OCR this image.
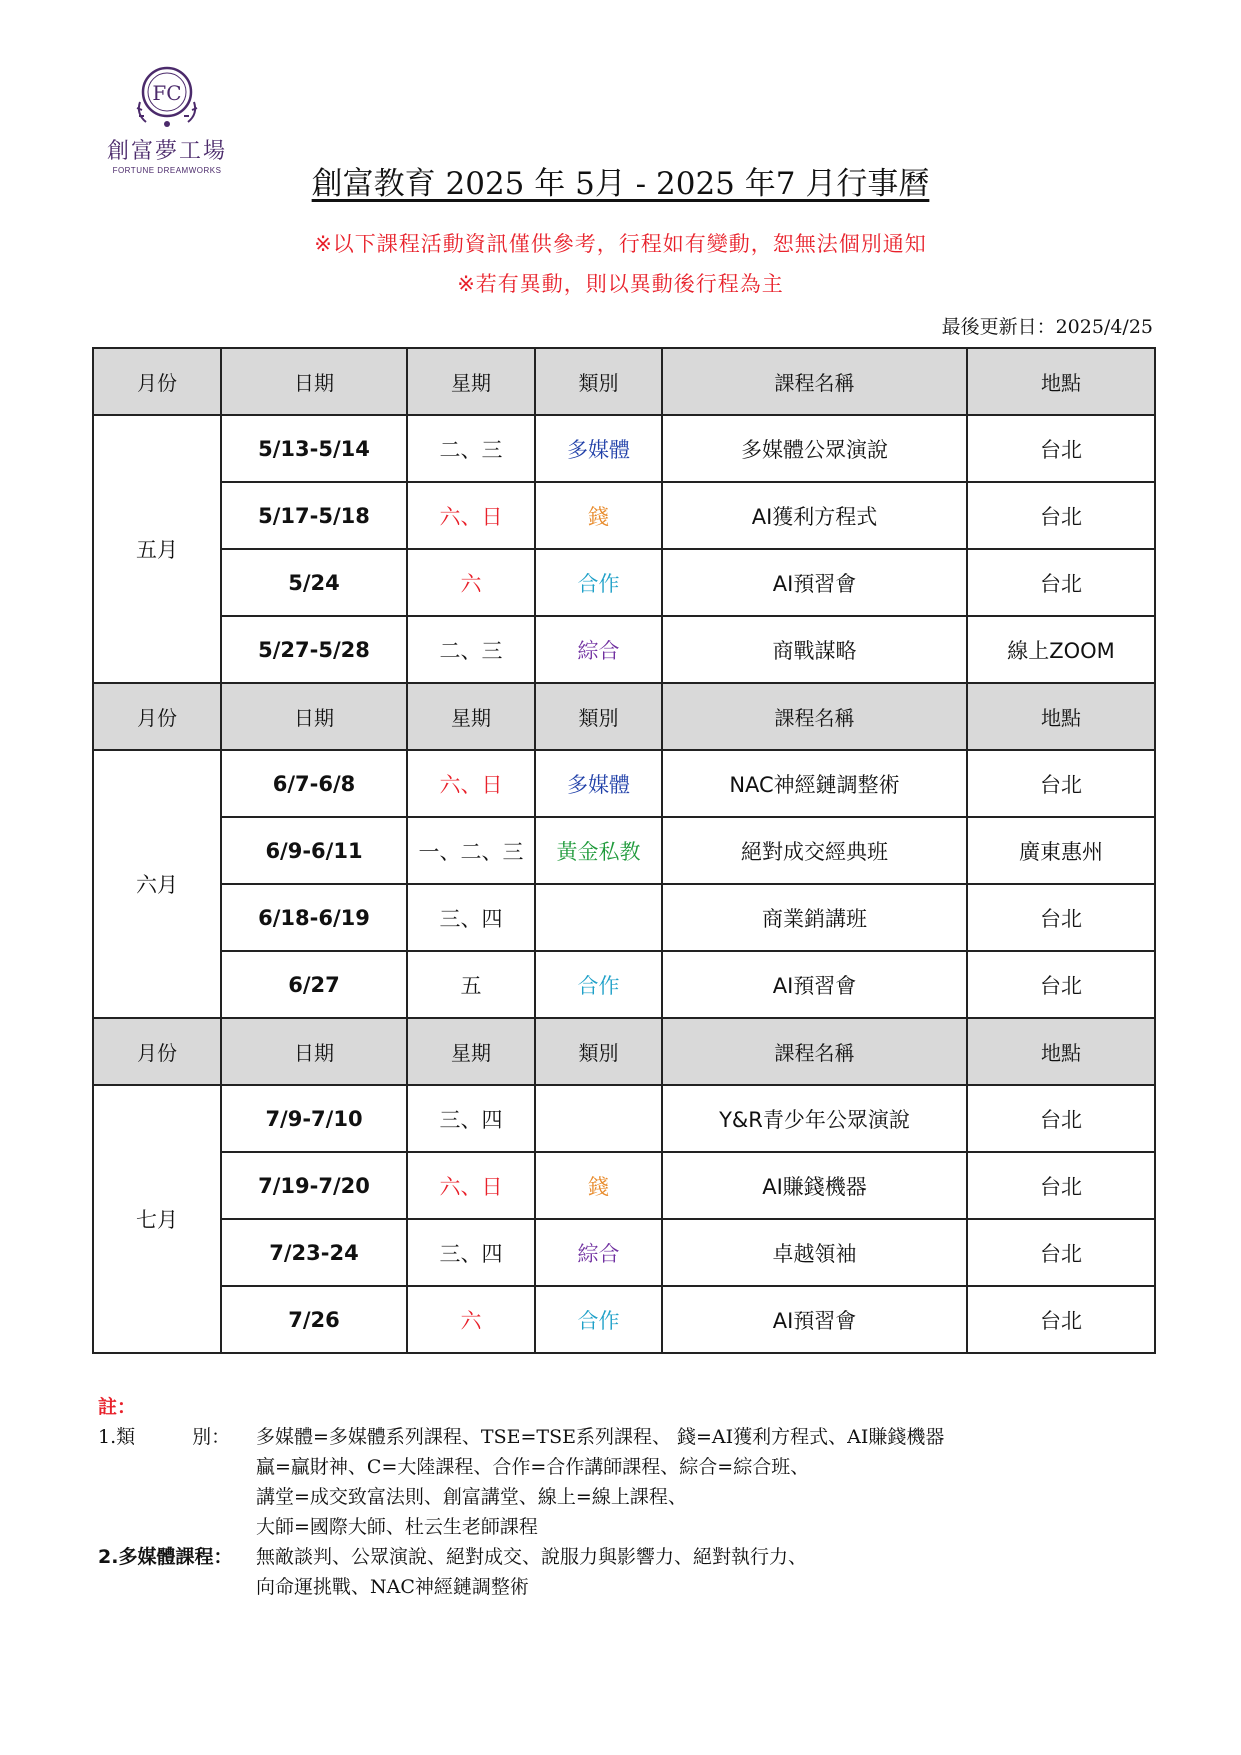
FC
創富夢工場
FORTUNE DREAMWORKS	創富教育 2025 年 5月 - 2025 年7 月行事曆
※以下課程活動資訊僅供參考，行程如有變動，恕無法個別通知
※若有異動，則以異動後行程為主
最後更新日：2025/4/25
月份	日期	星期	類別	課程名稱	地點
五月	5/13-5/14	二、三	多媒體	多媒體公眾演說	台北
	5/17-5/18	六、日	錢	AI獲利方程式	台北
	5/24	六	合作	AI預習會	台北
	5/27-5/28	二、三	綜合	商戰謀略	線上ZOOM
月份	日期	星期	類別	課程名稱	地點
六月	6/7-6/8	六、日	多媒體	NAC神經鏈調整術	台北
	6/9-6/11	一、二、三	黃金私教	絕對成交經典班	廣東惠州
	6/18-6/19	三、四		商業銷講班	台北
	6/27	五	合作	AI預習會	台北
月份	日期	星期	類別	課程名稱	地點
七月	7/9-7/10	三、四		Y&R青少年公眾演說	台北
	7/19-7/20	六、日	錢	AI賺錢機器	台北
	7/23-24	三、四	綜合	卓越領袖	台北
	7/26	六	合作	AI預習會	台北
註：
1.類　　　別：	多媒體=多媒體系列課程、TSE=TSE系列課程、 錢=AI獲利方程式、AI賺錢機器
贏=贏財神、C=大陸課程、合作=合作講師課程、綜合=綜合班、
講堂=成交致富法則、創富講堂、線上=線上課程、
大師=國際大師、杜云生老師課程
2.多媒體課程：	無敵談判、公眾演說、絕對成交、說服力與影響力、絕對執行力、
向命運挑戰、NAC神經鏈調整術
